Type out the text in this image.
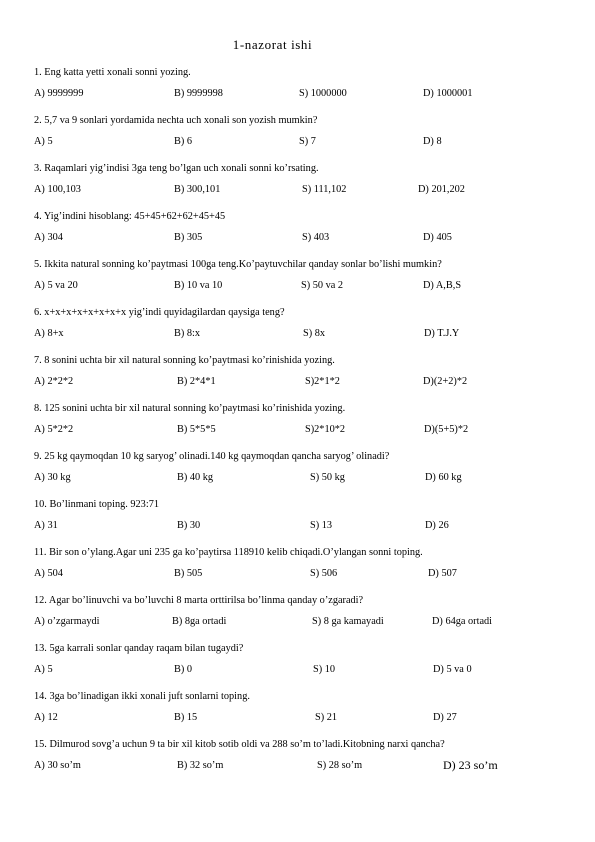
1-nazorat ishi
1. Eng katta yetti xonali sonni yozing.
A) 9999999	B) 9999998	S) 1000000	D) 1000001
2. 5,7 va 9 sonlari yordamida nechta uch xonali son yozish mumkin?
A) 5	B) 6	S) 7	D) 8
3. Raqamlari yig’indisi 3ga teng bo’lgan uch xonali sonni ko’rsating.
A) 100,103	B) 300,101	S) 111,102	D) 201,202
4. Yig’indini hisoblang: 45+45+62+62+45+45
A) 304	B) 305	S) 403	D) 405
5. Ikkita natural sonning ko’paytmasi 100ga teng.Ko’paytuvchilar qanday sonlar bo’lishi mumkin?
A) 5 va 20	B) 10 va 10	S) 50 va 2	D) A,B,S
6. x+x+x+x+x+x+x+x yig’indi quyidagilardan qaysiga teng?
A) 8+x	B) 8:x	S) 8x	D) T.J.Y
7. 8 sonini uchta bir xil natural sonning ko’paytmasi ko’rinishida yozing.
A) 2*2*2	B) 2*4*1	S)2*1*2	D)(2+2)*2
8. 125 sonini uchta bir xil natural sonning ko’paytmasi ko’rinishida yozing.
A) 5*2*2	B) 5*5*5	S)2*10*2	D)(5+5)*2
9. 25 kg qaymoqdan 10 kg saryog’ olinadi.140 kg qaymoqdan qancha saryog’ olinadi?
A) 30 kg	B) 40 kg	S) 50 kg	D) 60 kg
10. Bo’linmani toping. 923:71
A) 31	B) 30	S) 13	D) 26
11. Bir son o’ylang.Agar uni 235 ga ko’paytirsa 118910 kelib chiqadi.O’ylangan sonni toping.
A) 504	B) 505	S) 506	D) 507
12. Agar bo’linuvchi va bo’luvchi 8 marta orttirilsa bo’linma qanday o’zgaradi?
A) o’zgarmaydi	B) 8ga ortadi	S) 8 ga kamayadi	D) 64ga ortadi
13. 5ga karrali sonlar qanday raqam bilan tugaydi?
A) 5	B) 0	S) 10	D) 5 va 0
14. 3ga bo’linadigan ikki xonali juft sonlarni toping.
A) 12	B) 15	S) 21	D) 27
15. Dilmurod sovg’a uchun 9 ta bir xil kitob sotib oldi va 288 so’m to’ladi.Kitobning narxi qancha?
A) 30 so’m	B) 32 so’m	S) 28 so’m	D) 23 so’m
